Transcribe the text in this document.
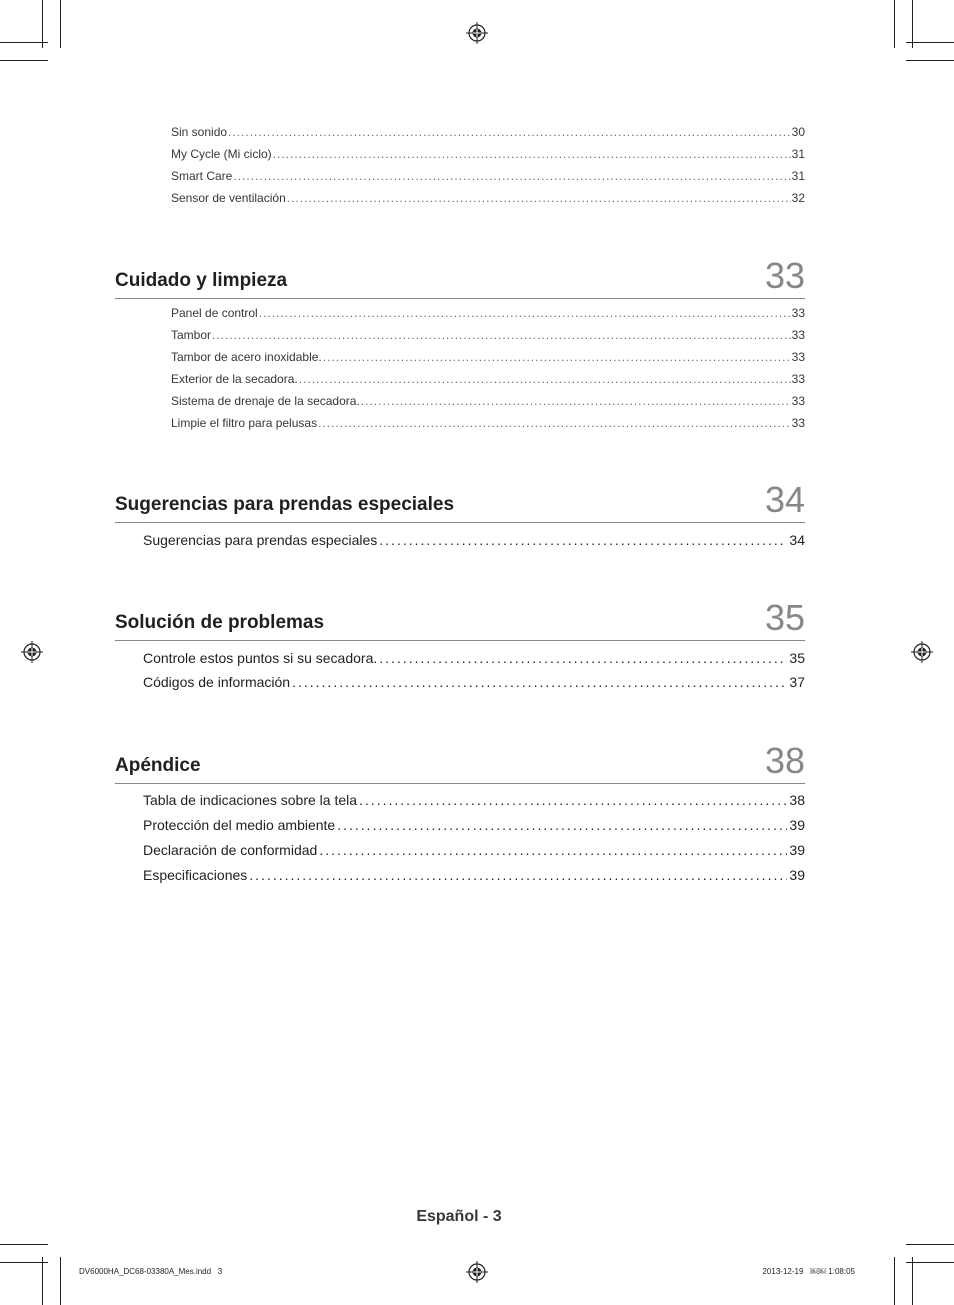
Sin sonido .....	30
My Cycle (Mi ciclo) .....	31
Smart Care .....	31
Sensor de ventilación .....	32
Cuidado y limpieza	33
Panel de control .....	33
Tambor .....	33
Tambor de acero inoxidable. .....	33
Exterior de la secadora. .....	33
Sistema de drenaje de la secadora. .....	33
Limpie el filtro para pelusas .....	33
Sugerencias para prendas especiales	34
Sugerencias para prendas especiales .....	34
Solución de problemas	35
Controle estos puntos si su secadora. .....	35
Códigos de información .....	37
Apéndice	38
Tabla de indicaciones sobre la tela .....	38
Protección del medio ambiente .....	39
Declaración de conformidad .....	39
Especificaciones .....	39
Español - 3
DV6000HA_DC68-03380A_Mes.indd   3	2013-12-19   ￼￼ 1:08:05
